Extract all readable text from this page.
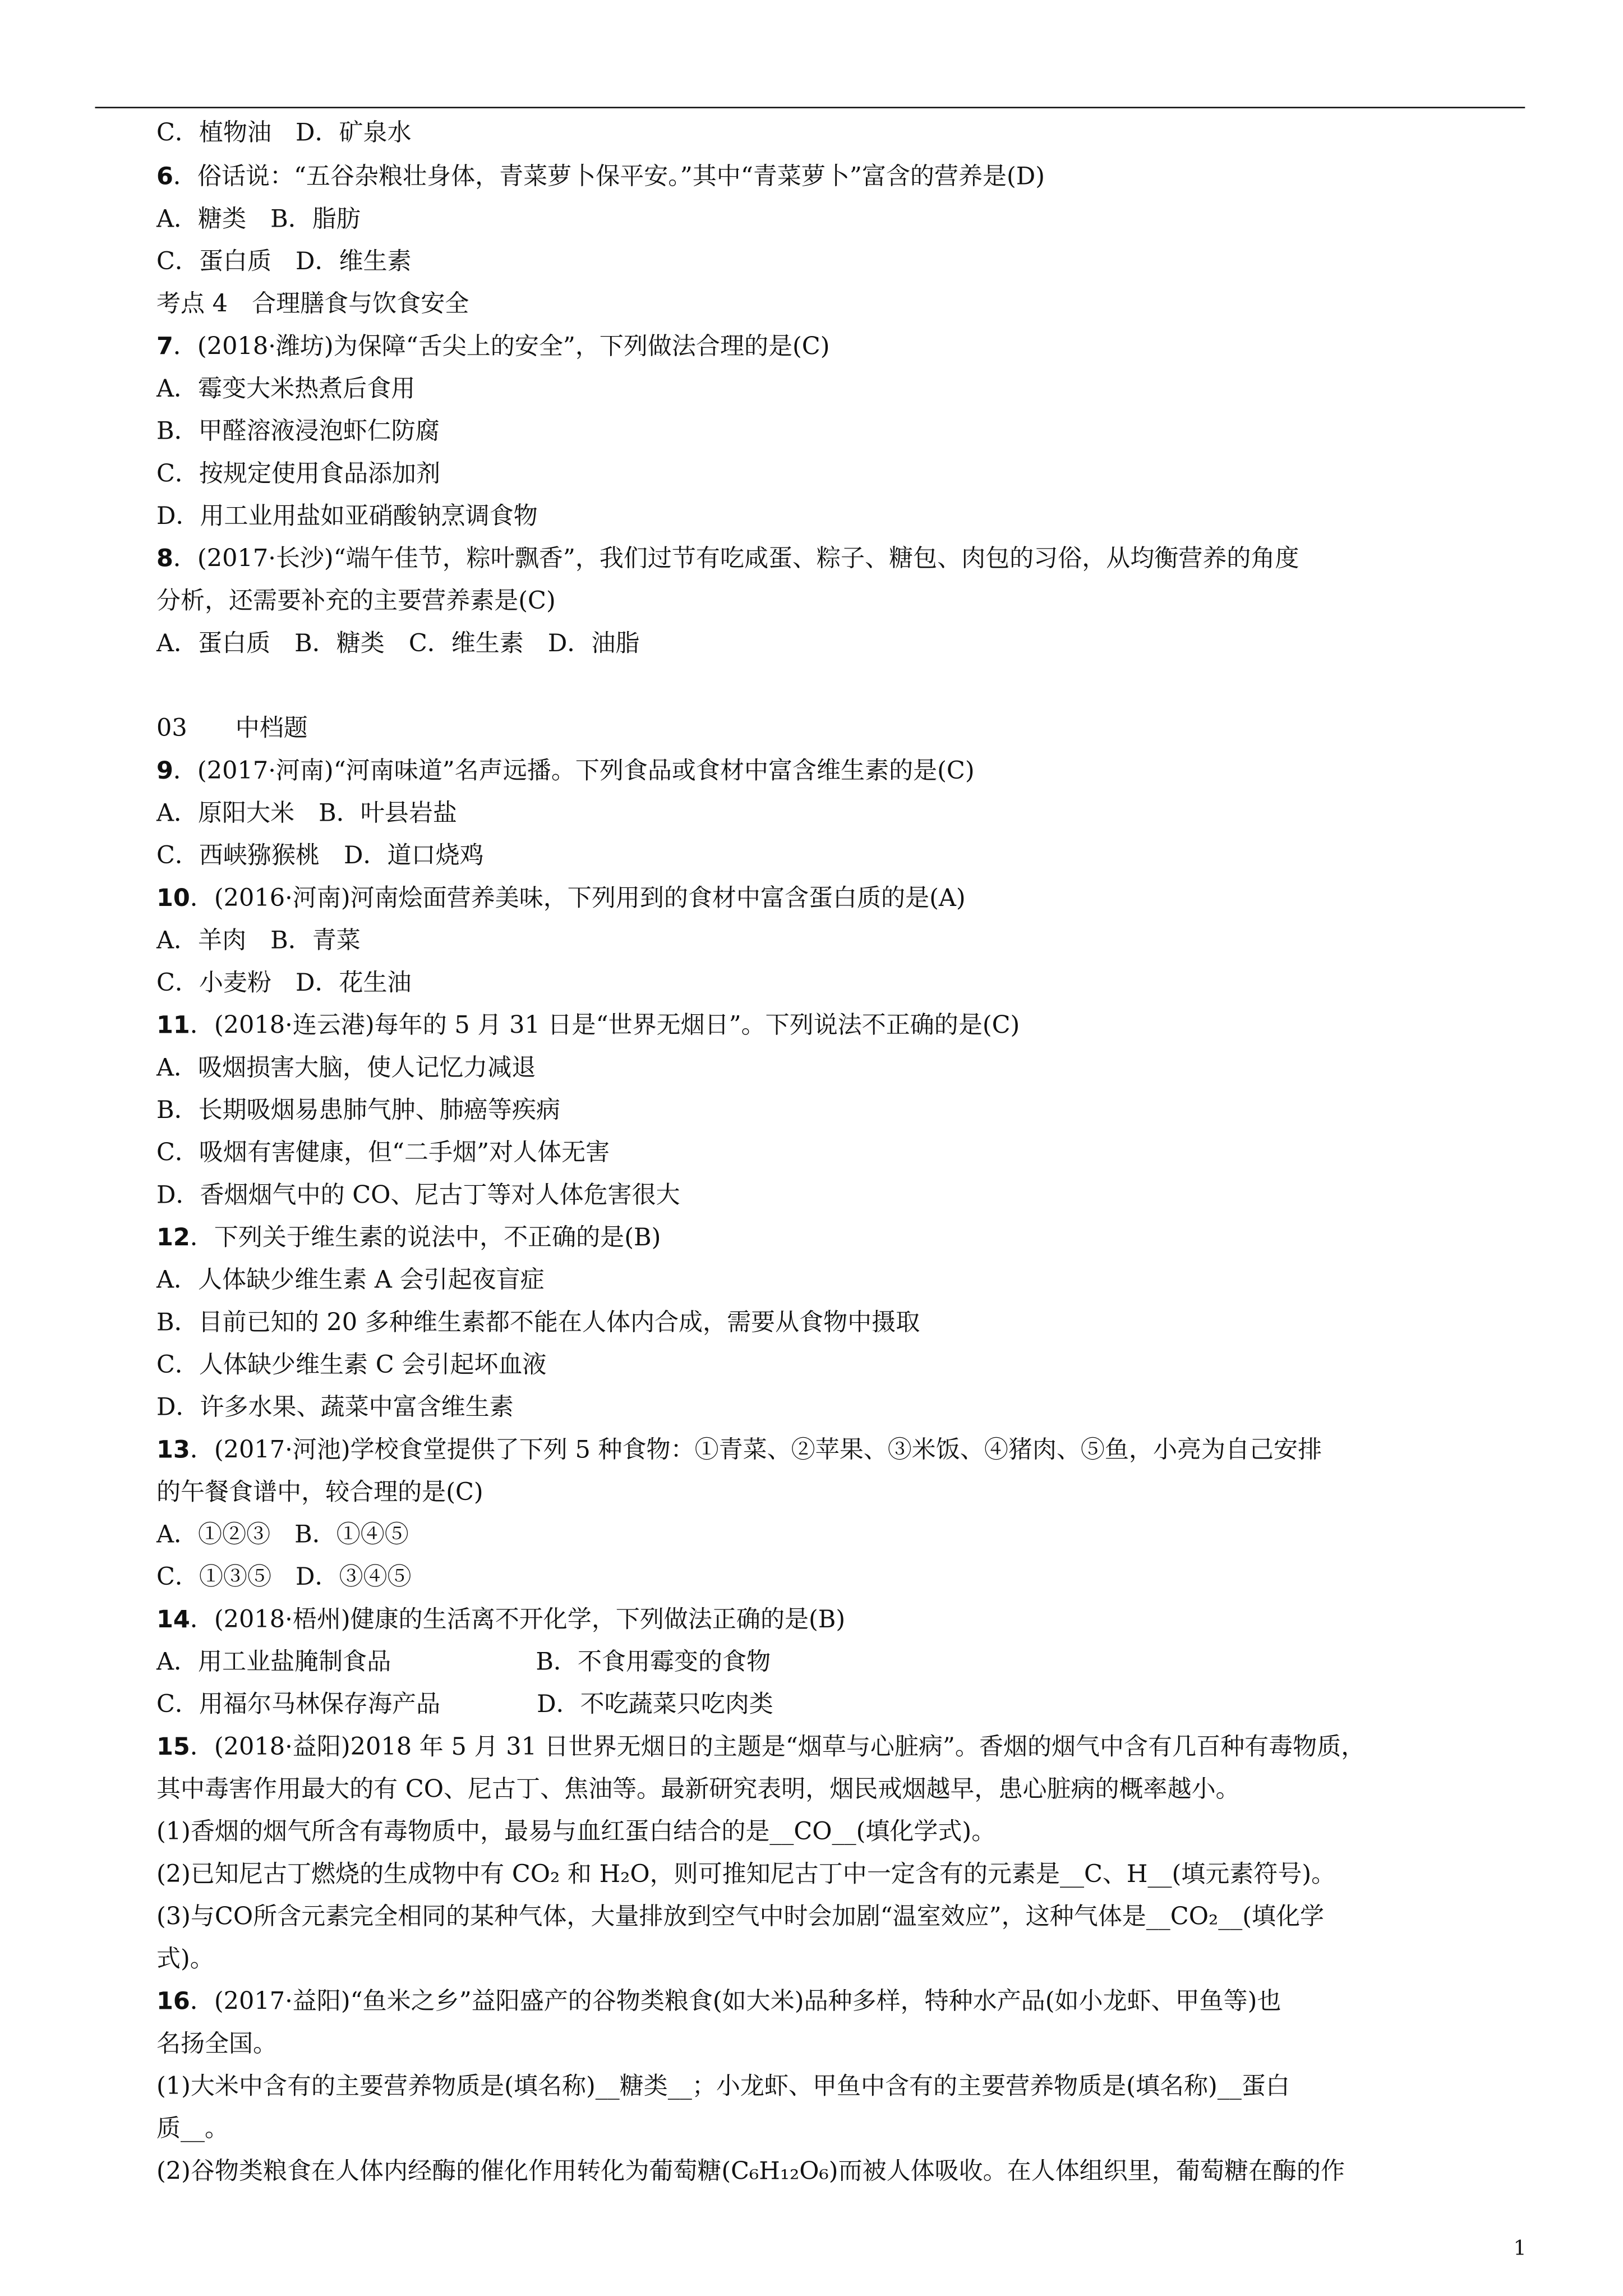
C．植物油　D．矿泉水
6．俗话说：“五谷杂粮壮身体，青菜萝卜保平安。”其中“青菜萝卜”富含的营养是(D)
A．糖类　B．脂肪
C．蛋白质　D．维生素
考点 4　合理膳食与饮食安全
7．(2018·潍坊)为保障“舌尖上的安全”，下列做法合理的是(C)
A．霉变大米热煮后食用
B．甲醛溶液浸泡虾仁防腐
C．按规定使用食品添加剂
D．用工业用盐如亚硝酸钠烹调食物
8．(2017·长沙)“端午佳节，粽叶飘香”，我们过节有吃咸蛋、粽子、糖包、肉包的习俗，从均衡营养的角度
分析，还需要补充的主要营养素是(C)
A．蛋白质　B．糖类　C．维生素　D．油脂
03　　中档题
9．(2017·河南)“河南味道”名声远播。下列食品或食材中富含维生素的是(C)
A．原阳大米　B．叶县岩盐
C．西峡猕猴桃　D．道口烧鸡
10．(2016·河南)河南烩面营养美味，下列用到的食材中富含蛋白质的是(A)
A．羊肉　B．青菜
C．小麦粉　D．花生油
11．(2018·连云港)每年的 5 月 31 日是“世界无烟日”。下列说法不正确的是(C)
A．吸烟损害大脑，使人记忆力减退
B．长期吸烟易患肺气肿、肺癌等疾病
C．吸烟有害健康，但“二手烟”对人体无害
D．香烟烟气中的 CO、尼古丁等对人体危害很大
12．下列关于维生素的说法中，不正确的是(B)
A．人体缺少维生素 A 会引起夜盲症
B．目前已知的 20 多种维生素都不能在人体内合成，需要从食物中摄取
C．人体缺少维生素 C 会引起坏血液
D．许多水果、蔬菜中富含维生素
13．(2017·河池)学校食堂提供了下列 5 种食物：①青菜、②苹果、③米饭、④猪肉、⑤鱼，小亮为自己安排
的午餐食谱中，较合理的是(C)
A．①②③　B．①④⑤
C．①③⑤　D．③④⑤
14．(2018·梧州)健康的生活离不开化学，下列做法正确的是(B)
A．用工业盐腌制食品　　　　　　B．不食用霉变的食物
C．用福尔马林保存海产品　　　　D．不吃蔬菜只吃肉类
15．(2018·益阳)2018 年 5 月 31 日世界无烟日的主题是“烟草与心脏病”。香烟的烟气中含有几百种有毒物质，
其中毒害作用最大的有 CO、尼古丁、焦油等。最新研究表明，烟民戒烟越早，患心脏病的概率越小。
(1)香烟的烟气所含有毒物质中，最易与血红蛋白结合的是__CO__(填化学式)。
(2)已知尼古丁燃烧的生成物中有 CO₂ 和 H₂O，则可推知尼古丁中一定含有的元素是__C、H__(填元素符号)。
(3)与CO所含元素完全相同的某种气体，大量排放到空气中时会加剧“温室效应”，这种气体是__CO₂__(填化学
式)。
16．(2017·益阳)“鱼米之乡”益阳盛产的谷物类粮食(如大米)品种多样，特种水产品(如小龙虾、甲鱼等)也
名扬全国。
(1)大米中含有的主要营养物质是(填名称)__糖类__；小龙虾、甲鱼中含有的主要营养物质是(填名称)__蛋白
质__。
(2)谷物类粮食在人体内经酶的催化作用转化为葡萄糖(C₆H₁₂O₆)而被人体吸收。在人体组织里，葡萄糖在酶的作
1
